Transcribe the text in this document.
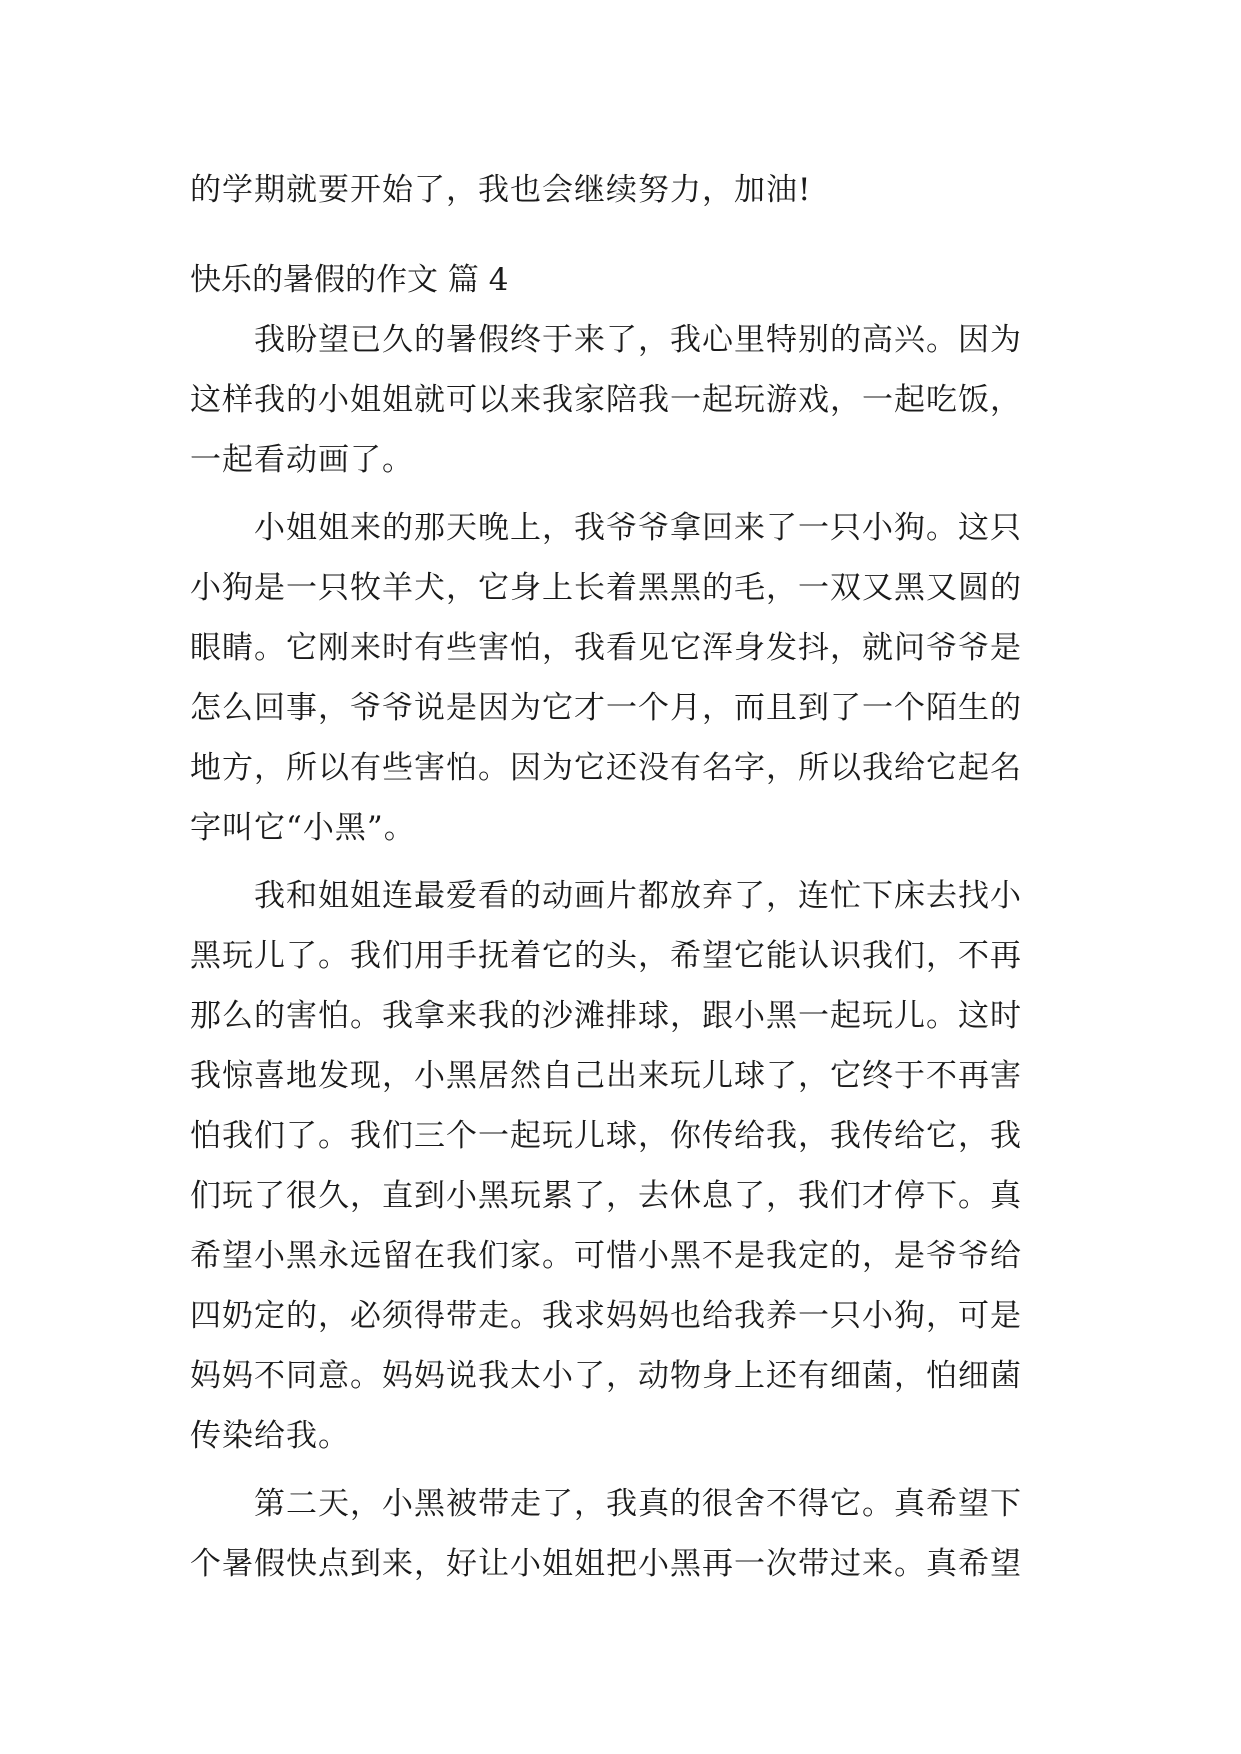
的学期就要开始了，我也会继续努力，加油!
快乐的暑假的作文 篇 4
　　我盼望已久的暑假终于来了，我心里特别的高兴。因为
这样我的小姐姐就可以来我家陪我一起玩游戏，一起吃饭，
一起看动画了。
　　小姐姐来的那天晚上，我爷爷拿回来了一只小狗。这只
小狗是一只牧羊犬，它身上长着黑黑的毛，一双又黑又圆的
眼睛。它刚来时有些害怕，我看见它浑身发抖，就问爷爷是
怎么回事，爷爷说是因为它才一个月，而且到了一个陌生的
地方，所以有些害怕。因为它还没有名字，所以我给它起名
字叫它“小黑”。
　　我和姐姐连最爱看的动画片都放弃了，连忙下床去找小
黑玩儿了。我们用手抚着它的头，希望它能认识我们，不再
那么的害怕。我拿来我的沙滩排球，跟小黑一起玩儿。这时
我惊喜地发现，小黑居然自己出来玩儿球了，它终于不再害
怕我们了。我们三个一起玩儿球，你传给我，我传给它，我
们玩了很久，直到小黑玩累了，去休息了，我们才停下。真
希望小黑永远留在我们家。可惜小黑不是我定的，是爷爷给
四奶定的，必须得带走。我求妈妈也给我养一只小狗，可是
妈妈不同意。妈妈说我太小了，动物身上还有细菌，怕细菌
传染给我。
　　第二天，小黑被带走了，我真的很舍不得它。真希望下
个暑假快点到来，好让小姐姐把小黑再一次带过来。真希望
